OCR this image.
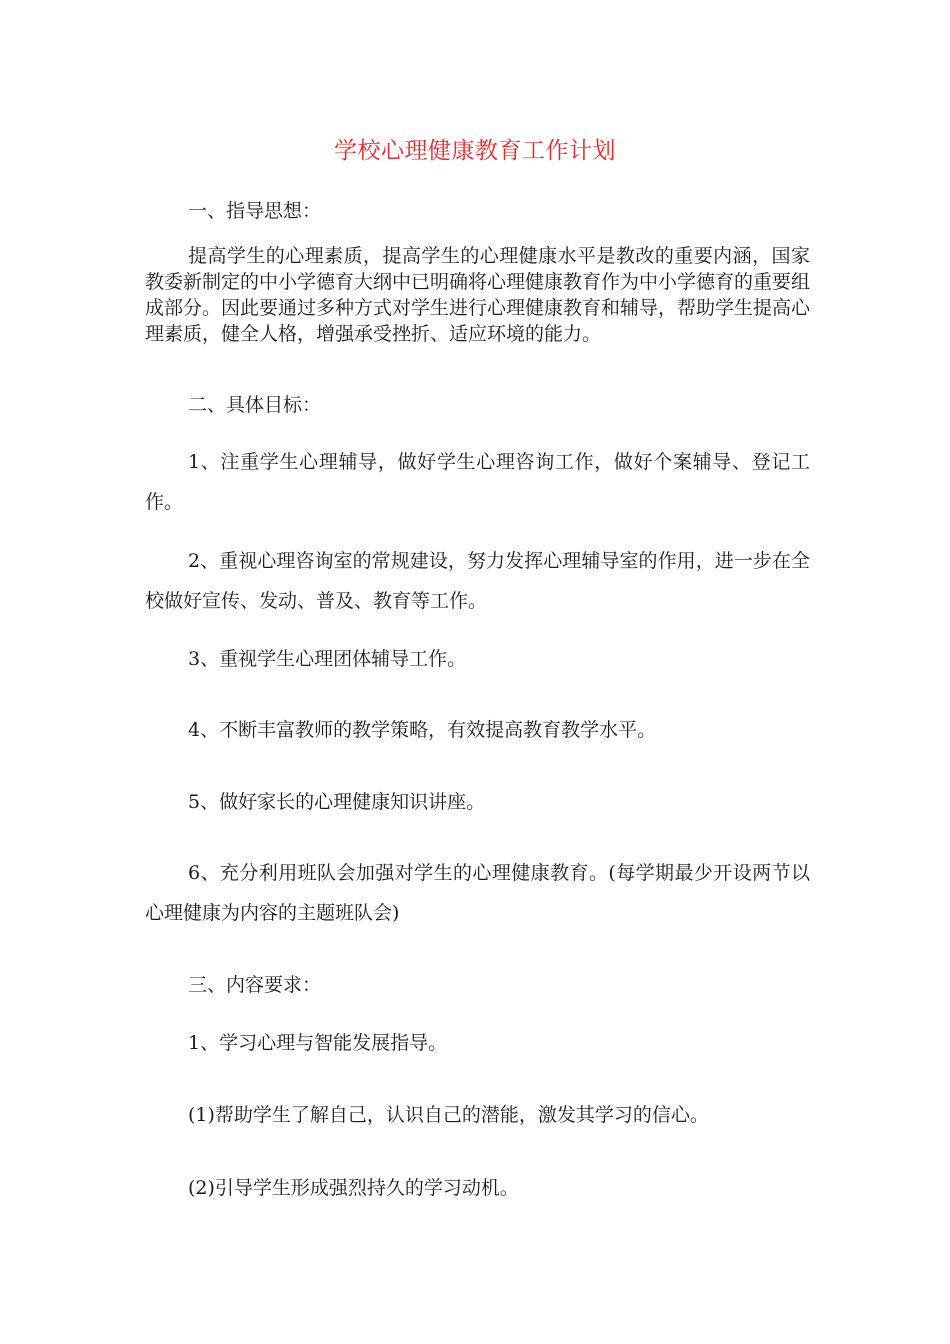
学校心理健康教育工作计划
一、指导思想：
提高学生的心理素质，提高学生的心理健康水平是教改的重要内涵，国家教委新制定的中小学德育大纲中已明确将心理健康教育作为中小学德育的重要组成部分。因此要通过多种方式对学生进行心理健康教育和辅导，帮助学生提高心理素质，健全人格，增强承受挫折、适应环境的能力。
二、具体目标：
1、注重学生心理辅导，做好学生心理咨询工作，做好个案辅导、登记工作。
2、重视心理咨询室的常规建设，努力发挥心理辅导室的作用，进一步在全校做好宣传、发动、普及、教育等工作。
3、重视学生心理团体辅导工作。
4、不断丰富教师的教学策略，有效提高教育教学水平。
5、做好家长的心理健康知识讲座。
6、充分利用班队会加强对学生的心理健康教育。(每学期最少开设两节以心理健康为内容的主题班队会)
三、内容要求：
1、学习心理与智能发展指导。
(1)帮助学生了解自己，认识自己的潜能，激发其学习的信心。
(2)引导学生形成强烈持久的学习动机。
